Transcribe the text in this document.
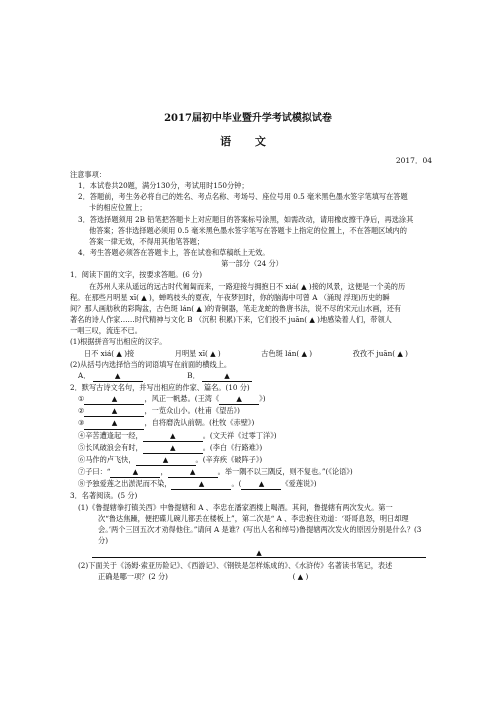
2017届初中毕业暨升学考试模拟试卷
语 文
2017．04
注意事项：
1．本试卷共20题，满分130分，考试用时150分钟；
2．答题前，考生务必将自己的姓名、考点名称、考场号、座位号用 0.5 毫米黑色墨水签字笔填写在答题
卡的相应位置上；
3．答选择题须用 2B 铅笔把答题卡上对应题目的答案标号涂黑，如需改动，请用橡皮擦干净后，再选涂其
他答案；答非选择题必须用 0.5 毫米黑色墨水签字笔写在答题卡上指定的位置上，不在答题区域内的
答案一律无效，不得用其他笔答题；
4．考生答题必须答在答题卡上，答在试卷和草稿纸上无效。
第一部分（24 分）
1．阅读下面的文字，按要求答题。(6 分)
在苏州人来从遥远的远古时代匍匐而来，一路迎接与拥抱日不 xiá( ▲ )接的风景，这便是一个美的历
程。在那些月明星 xī( ▲ )，蝉鸣枝头的夏夜，午夜梦回时，你的脑海中可曾 A （涌现 浮现)历史的瞬
间？那人画舫秋的彩陶盆，古色斑 lán( ▲ )的青铜器，笔走龙蛇的鲁唐书法，说不尽的宋元山水画，还有
著名的诗人作家……时代精神与文化 B （沉积 积累)下来，它们投不 juān( ▲ )地感染着人们，带领人
一唱三叹，流连不已。
(1)根据拼音写出相应的汉字。
日不 xiá( ▲ )接	月明星 xī( ▲ )	古色斑 lán( ▲ )	孜孜不 juān( ▲ )
(2)从括号内选择恰当的词语填写在前面的横线上。
A．	▲	B．	▲
2．默写古诗文名句，并写出相应的作家、篇名。(10 分)
①	▲	，风正一帆悬。(王湾《 ▲ 》)
②	▲	，一览众山小。(杜甫《望岳》)
③	▲	，自将磨洗认前朝。(杜牧《赤壁》)
④辛苦遭逢起一经，	▲	。(文天祥《过零丁洋》)
⑤长风破浪会有时，	▲	。(李白《行路难》)
⑥马作的卢飞快，	▲	。(辛弃疾《破阵子》)
⑦子曰：“	▲	，	▲	。举一隅不以三隅反，则不复也。”(《论语》)
⑧予独爱莲之出淤泥而不染，	▲	。( ▲ 《爱莲说》)
3．名著阅读。(5 分)
(1)《鲁提辖拳打镇关西》中鲁提辖和 A 、李忠在潘家酒楼上喝酒。其间，鲁提辖有两次发火。第一
次“鲁达焦躁，便把碟儿碗儿都丢在楼板上”，第二次是“ A 、李忠抱住劝道：‘哥哥息怒，明日却理
会。’两个三回五次才劝得他住。”请问 A 是谁？(写出人名和绰号)鲁提辖两次发火的原因分别是什么？(3
分)
▲
(2)下面关于《汤姆·索亚历险记》、《西游记》、《钢铁是怎样炼成的》、《水浒传》名著读书笔记，表述
正确是哪一项？(2 分)	( ▲ )
